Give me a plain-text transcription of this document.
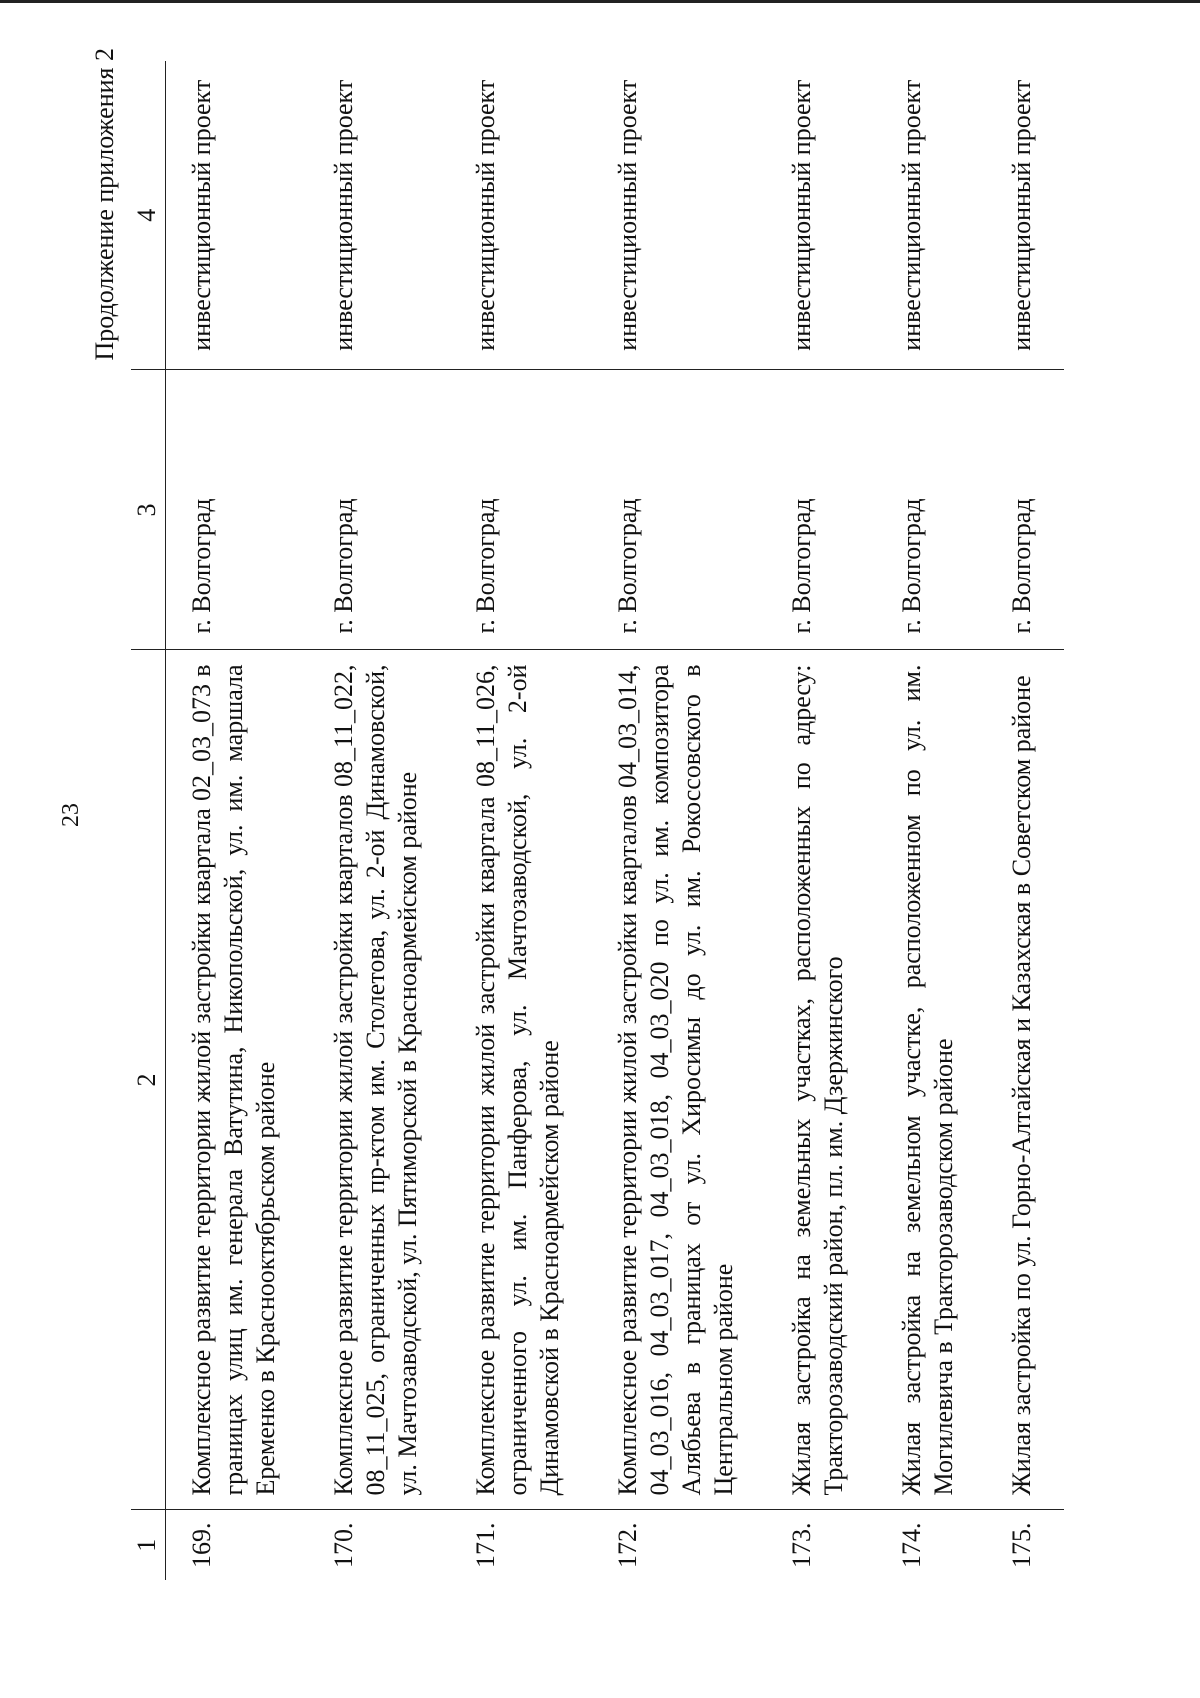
23
Продолжение приложения 2
1	2	3	4
169.	Комплексное развитие территории жилой застройки квартала 02_03_073 в границах улиц им. генерала Ватутина, Никопольской, ул. им. маршала Еременко в Краснооктябрьском районе	г. Волгоград	инвестиционный проект
170.	Комплексное развитие территории жилой застройки кварталов 08_11_022, 08_11_025, ограниченных пр-ктом им. Столетова, ул. 2-ой Динамовской, ул. Мачтозаводской, ул. Пятиморской в Красноармейском районе	г. Волгоград	инвестиционный проект
171.	Комплексное развитие территории жилой застройки квартала 08_11_026, ограниченного ул. им. Панферова, ул. Мачтозаводской, ул. 2-ой Динамовской в Красноармейском районе	г. Волгоград	инвестиционный проект
172.	Комплексное развитие территории жилой застройки кварталов 04_03_014, 04_03_016, 04_03_017, 04_03_018, 04_03_020 по ул. им. композитора Алябьева в границах от ул. Хиросимы до ул. им. Рокоссовского в Центральном районе	г. Волгоград	инвестиционный проект
173.	Жилая застройка на земельных участках, расположенных по адресу: Тракторозаводский район, пл. им. Дзержинского	г. Волгоград	инвестиционный проект
174.	Жилая застройка на земельном участке, расположенном по ул. им. Могилевича в Тракторозаводском районе	г. Волгоград	инвестиционный проект
175.	Жилая застройка по ул. Горно-Алтайская и Казахская в Советском районе	г. Волгоград	инвестиционный проект
